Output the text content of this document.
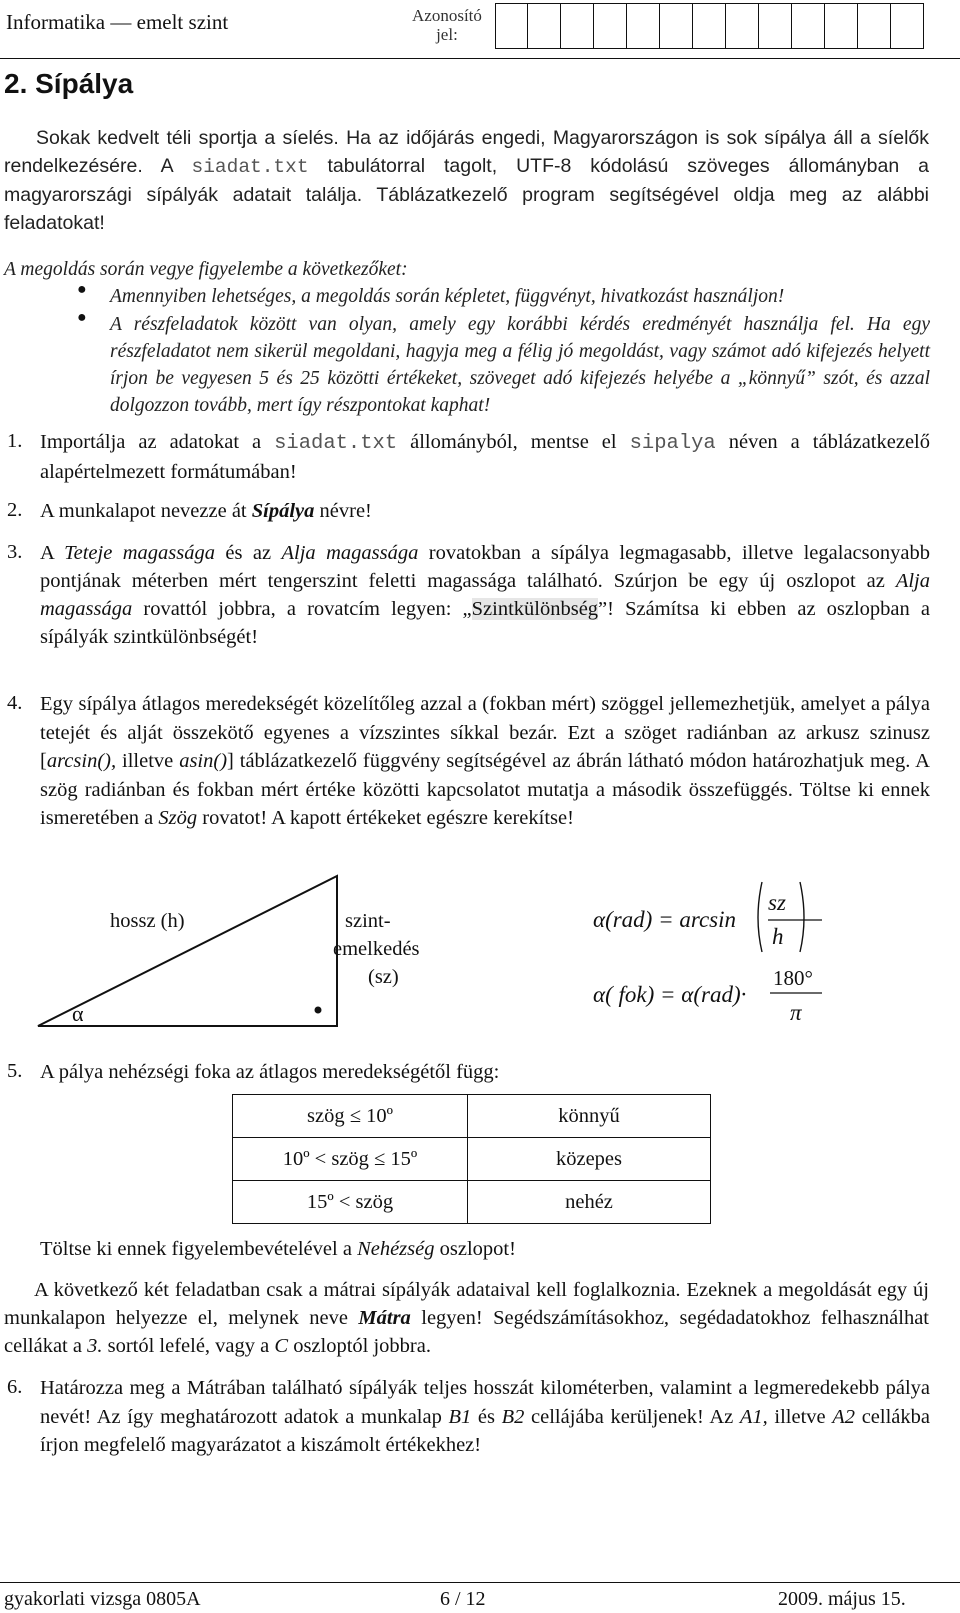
Informatika — emelt szint	Azonosító
jel:
2. Sípálya
Sokak kedvelt téli sportja a síelés. Ha az időjárás engedi, Magyarországon is sok sípálya áll a síelők rendelkezésére. A siadat.txt tabulátorral tagolt, UTF-8 kódolású szöveges állományban a magyarországi sípályák adatait találja. Táblázatkezelő program segítségével oldja meg az alábbi feladatokat!
A megoldás során vegye figyelembe a következőket:
● Amennyiben lehetséges, a megoldás során képletet, függvényt, hivatkozást használjon!
● A részfeladatok között van olyan, amely egy korábbi kérdés eredményét használja fel. Ha egy részfeladatot nem sikerül megoldani, hagyja meg a félig jó megoldást, vagy számot adó kifejezés helyett írjon be vegyesen 5 és 25 közötti értékeket, szöveget adó kifejezés helyébe a „könnyű” szót, és azzal dolgozzon tovább, mert így részpontokat kaphat!
1. Importálja az adatokat a siadat.txt állományból, mentse el sipalya néven a táblázatkezelő alapértelmezett formátumában!
2. A munkalapot nevezze át Sípálya névre!
3. A Teteje magassága és az Alja magassága rovatokban a sípálya legmagasabb, illetve legalacsonyabb pontjának méterben mért tengerszint feletti magassága található. Szúrjon be egy új oszlopot az Alja magassága rovattól jobbra, a rovatcím legyen: „Szintkülönbség”! Számítsa ki ebben az oszlopban a sípályák szintkülönbségét!
4. Egy sípálya átlagos meredekségét közelítőleg azzal a (fokban mért) szöggel jellemezhetjük, amelyet a pálya tetejét és alját összekötő egyenes a vízszintes síkkal bezár. Ezt a szöget radiánban az arkusz szinusz [arcsin(), illetve asin()] táblázatkezelő függvény segítségével az ábrán látható módon határozhatjuk meg. A szög radiánban és fokban mért értéke közötti kapcsolatot mutatja a második összefüggés. Töltse ki ennek ismeretében a Szög rovatot! A kapott értékeket egészre kerekítse!
hossz (h)	szint-
emelkedés
(sz)
α
α(rad) = arcsin
sz
h
α( fok) = α(rad)·
180°
π
5. A pálya nehézségi foka az átlagos meredekségétől függ:
szög ≤ 10º	könnyű
10º < szög ≤ 15º	közepes
15º < szög	nehéz
Töltse ki ennek figyelembevételével a Nehézség oszlopot!
A következő két feladatban csak a mátrai sípályák adataival kell foglalkoznia. Ezeknek a megoldását egy új munkalapon helyezze el, melynek neve Mátra legyen! Segédszámításokhoz, segédadatokhoz felhasználhat cellákat a 3. sortól lefelé, vagy a C oszloptól jobbra.
6. Határozza meg a Mátrában található sípályák teljes hosszát kilométerben, valamint a legmeredekebb pálya nevét! Az így meghatározott adatok a munkalap B1 és B2 cellájába kerüljenek! Az A1, illetve A2 cellákba írjon megfelelő magyarázatot a kiszámolt értékekhez!
gyakorlati vizsga 0805A	6 / 12	2009. május 15.
